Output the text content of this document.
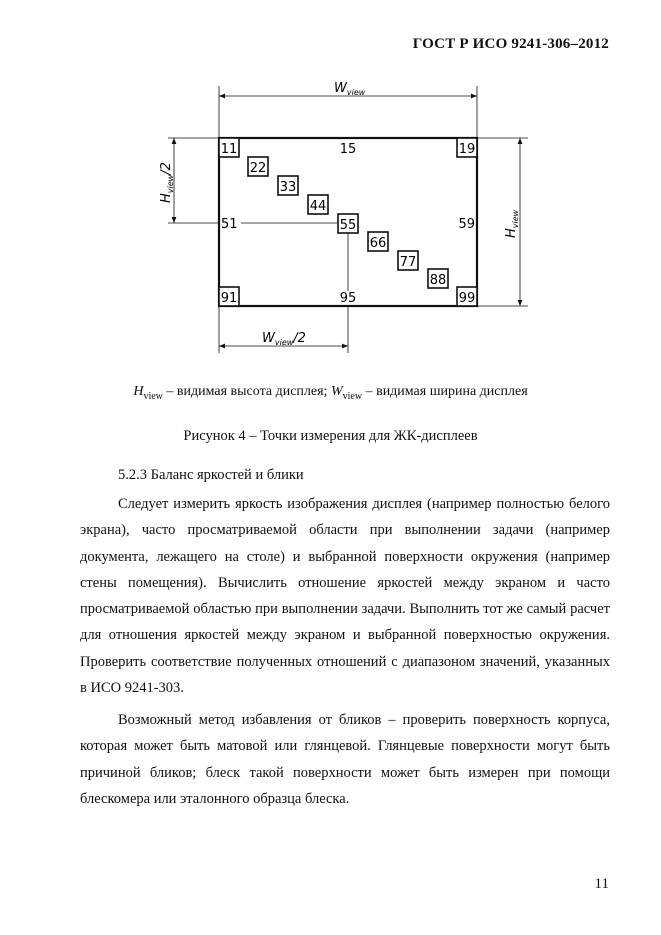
ГОСТ Р ИСО 9241-306–2012
$W_{view}$
$H_{view}/2$
$H_{view}$
$W_{view}/2$
11	15	19
22
33
44
51	55	59
66
77
88
91	95	99
$H_{view}$ – видимая высота дисплея; $W_{view}$ – видимая ширина дисплея
Рисунок 4 – Точки измерения для ЖК-дисплеев
5.2.3 Баланс яркостей и блики

Следует измерить яркость изображения дисплея (например полностью белого экрана), часто просматриваемой области при выполнении задачи (например документа, лежащего на столе) и выбранной поверхности окружения (например стены помещения). Вычислить отношение яркостей между экраном и часто просматриваемой областью при выполнении задачи. Выполнить тот же самый расчет для отношения яркостей между экраном и выбранной поверхностью окружения. Проверить соответствие полученных отношений с диапазоном значений, указанных в ИСО 9241-303.

Возможный метод избавления от бликов – проверить поверхность корпуса, которая может быть матовой или глянцевой. Глянцевые поверхности могут быть причиной бликов; блеск такой поверхности может быть измерен при помощи блескомера или эталонного образца блеска.

11
